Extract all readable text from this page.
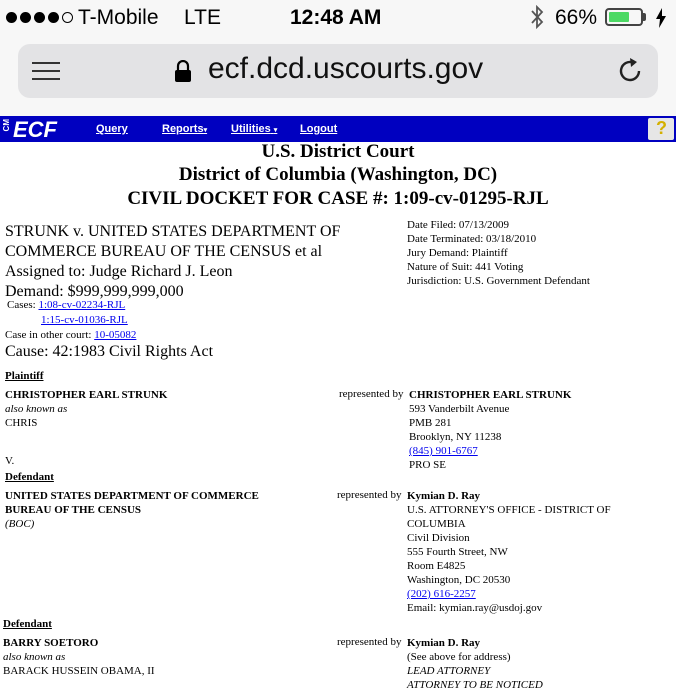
T-Mobile LTE	12:48 AM	66%
ecf.dcd.uscourts.gov
CM ECF	Query	Reports▾ Utilities ▾ Logout	?
U.S. District Court
District of Columbia (Washington, DC)
CIVIL DOCKET FOR CASE #: 1:09-cv-01295-RJL
STRUNK v. UNITED STATES DEPARTMENT OF
COMMERCE BUREAU OF THE CENSUS et al
Assigned to: Judge Richard J. Leon
Demand: $999,999,999,000
Cases: 1:08-cv-02234-RJL
1:15-cv-01036-RJL
Case in other court: 10-05082
Cause: 42:1983 Civil Rights Act
Date Filed: 07/13/2009
Date Terminated: 03/18/2010
Jury Demand: Plaintiff
Nature of Suit: 441 Voting
Jurisdiction: U.S. Government Defendant
Plaintiff
CHRISTOPHER EARL STRUNK
also known as
CHRIS
represented by CHRISTOPHER EARL STRUNK
593 Vanderbilt Avenue
PMB 281
Brooklyn, NY 11238
(845) 901-6767
PRO SE
V.
Defendant
UNITED STATES DEPARTMENT OF COMMERCE
BUREAU OF THE CENSUS
(BOC)
represented by Kymian D. Ray
U.S. ATTORNEY'S OFFICE - DISTRICT OF
COLUMBIA
Civil Division
555 Fourth Street, NW
Room E4825
Washington, DC 20530
(202) 616-2257
Email: kymian.ray@usdoj.gov
Defendant
BARRY SOETORO
also known as
BARACK HUSSEIN OBAMA, II
represented by Kymian D. Ray
(See above for address)
LEAD ATTORNEY
ATTORNEY TO BE NOTICED
